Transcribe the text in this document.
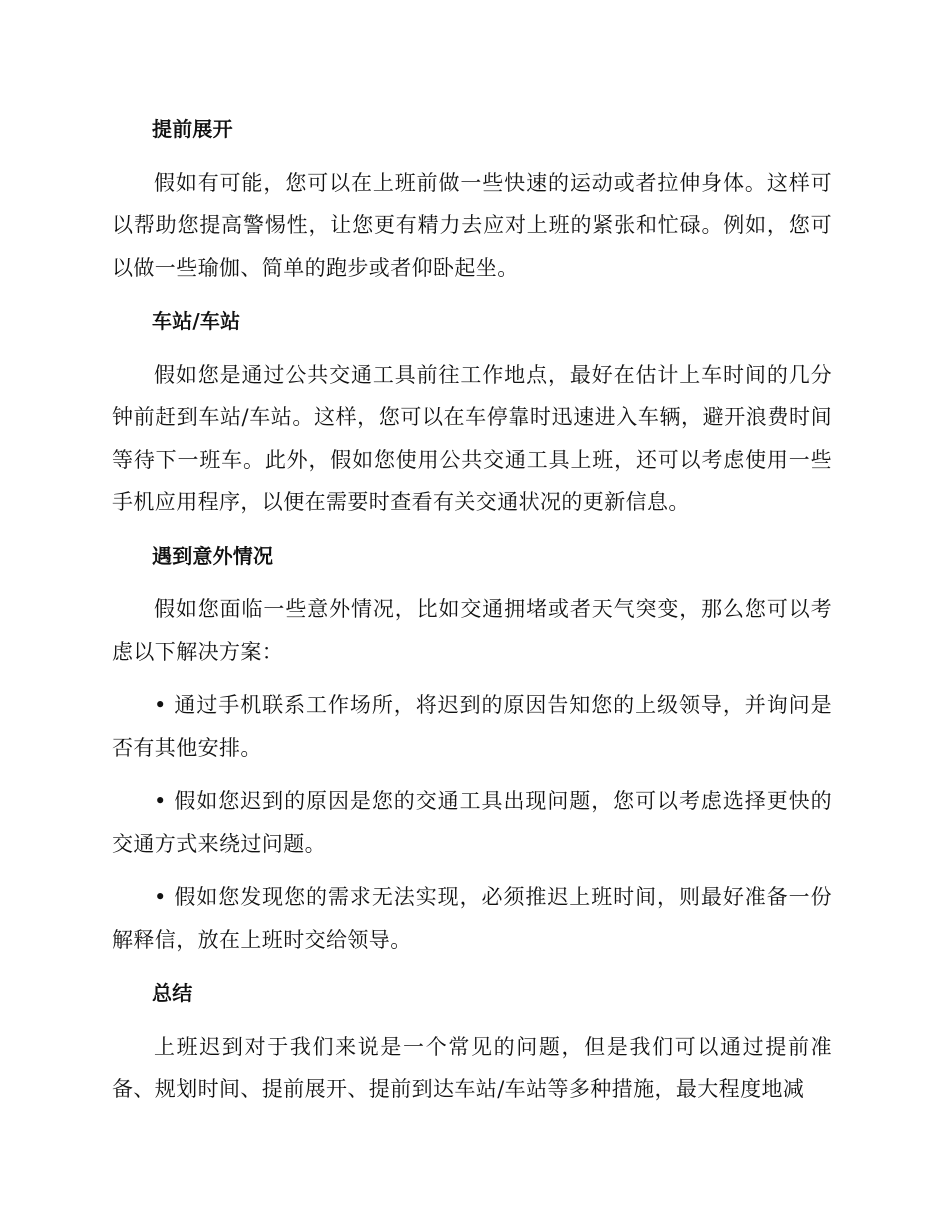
提前展开

假如有可能，您可以在上班前做一些快速的运动或者拉伸身体。这样可以帮助您提高警惕性，让您更有精力去应对上班的紧张和忙碌。例如，您可以做一些瑜伽、简单的跑步或者仰卧起坐。

车站/车站

假如您是通过公共交通工具前往工作地点，最好在估计上车时间的几分钟前赶到车站/车站。这样，您可以在车停靠时迅速进入车辆，避开浪费时间等待下一班车。此外，假如您使用公共交通工具上班，还可以考虑使用一些手机应用程序，以便在需要时查看有关交通状况的更新信息。

遇到意外情况

假如您面临一些意外情况，比如交通拥堵或者天气突变，那么您可以考虑以下解决方案：

• 通过手机联系工作场所，将迟到的原因告知您的上级领导，并询问是否有其他安排。

• 假如您迟到的原因是您的交通工具出现问题，您可以考虑选择更快的交通方式来绕过问题。

• 假如您发现您的需求无法实现，必须推迟上班时间，则最好准备一份解释信，放在上班时交给领导。

总结

上班迟到对于我们来说是一个常见的问题，但是我们可以通过提前准备、规划时间、提前展开、提前到达车站/车站等多种措施，最大程度地减
